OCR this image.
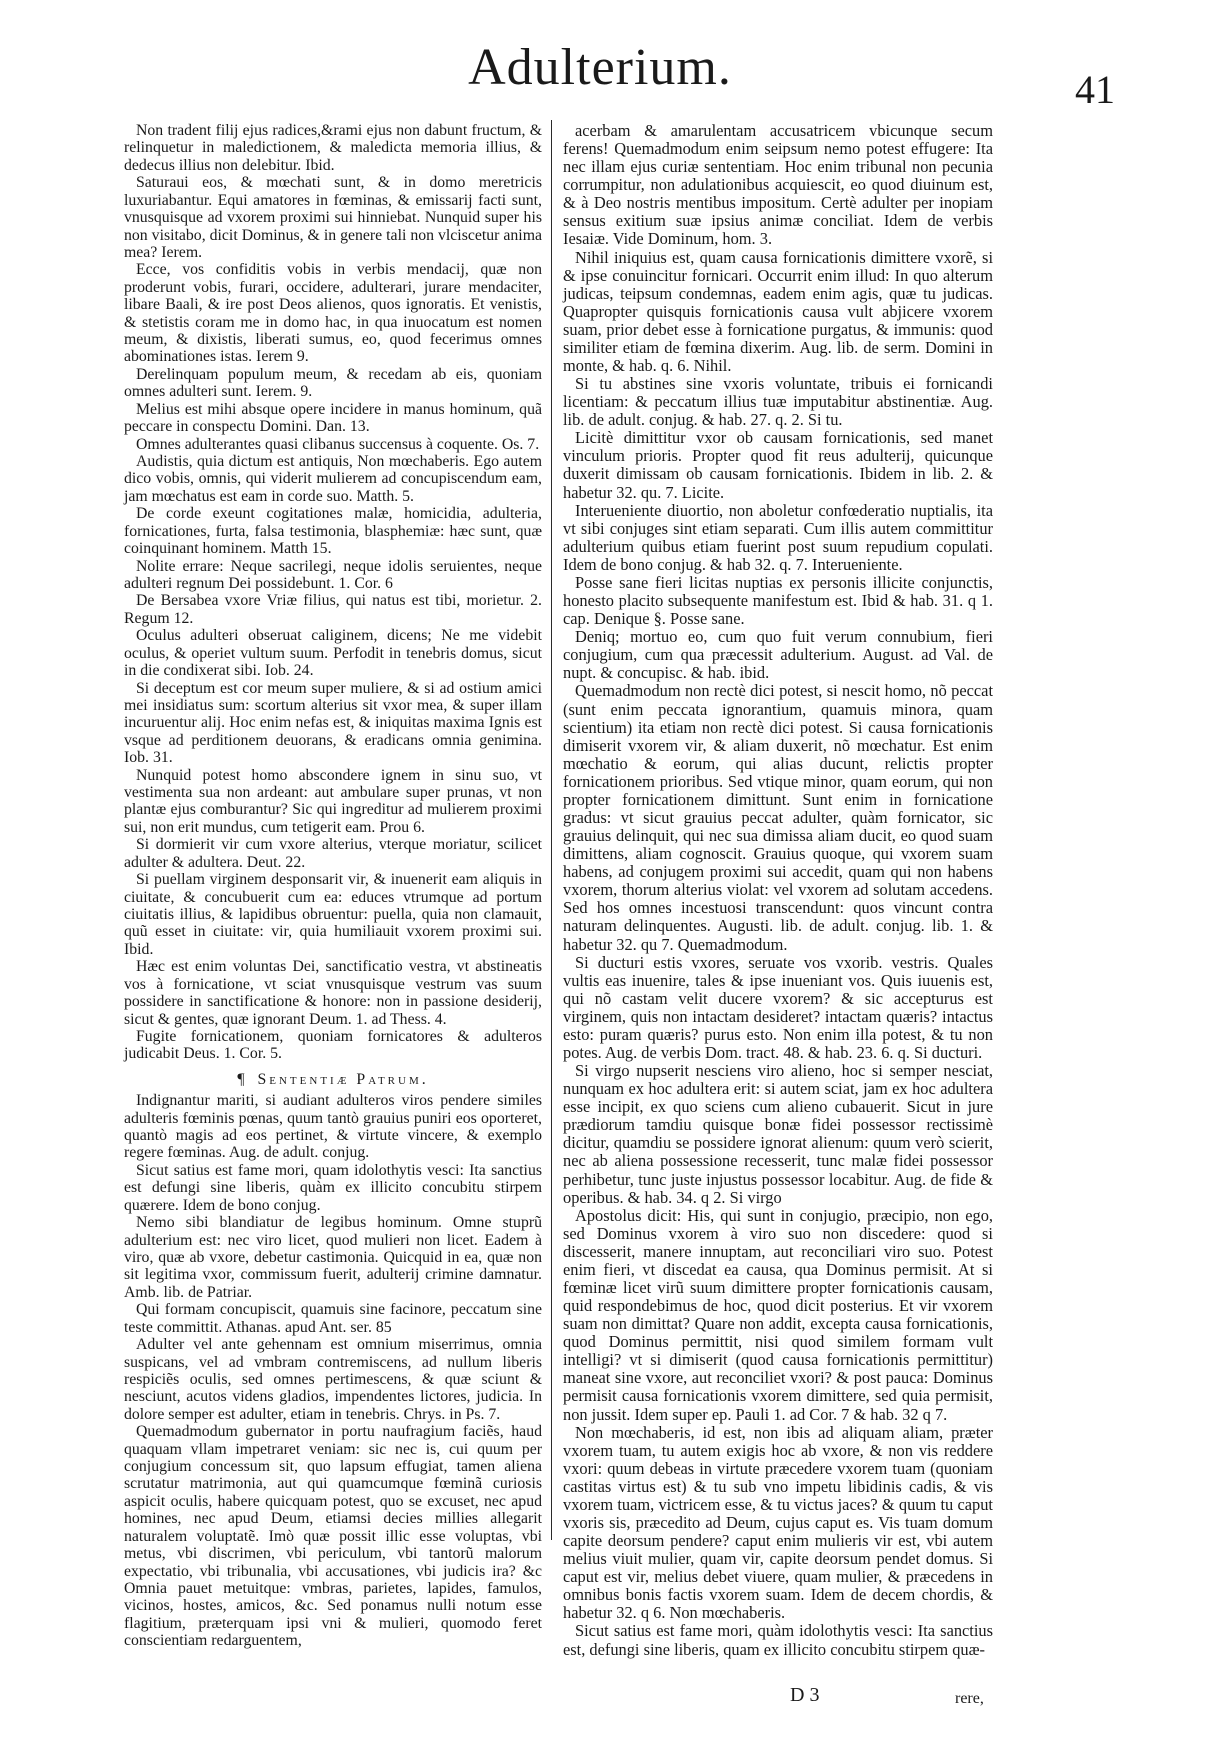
Adulterium.	41

Non tradent filij ejus radices,&rami ejus non dabunt fructum, & relinquetur in maledictionem, & maledicta memoria illius, & dedecus illius non delebitur. Ibid.

Saturaui eos, & mœchati sunt, & in domo meretricis luxuriabantur. Equi amatores in fœminas, & emissarij facti sunt, vnusquisque ad vxorem proximi sui hinniebat. Nunquid super his non visitabo, dicit Dominus, & in genere tali non vlciscetur anima mea? Ierem.

Ecce, vos confiditis vobis in verbis mendacij, quæ non proderunt vobis, furari, occidere, adulterari, jurare mendaciter, libare Baali, & ire post Deos alienos, quos ignoratis. Et venistis, & stetistis coram me in domo hac, in qua inuocatum est nomen meum, & dixistis, liberati sumus, eo, quod fecerimus omnes abominationes istas. Ierem 9.

Derelinquam populum meum, & recedam ab eis, quoniam omnes adulteri sunt. Ierem. 9.

Melius est mihi absque opere incidere in manus hominum, quã peccare in conspectu Domini. Dan. 13.

Omnes adulterantes quasi clibanus succensus à coquente. Os. 7.

Audistis, quia dictum est antiquis, Non mœchaberis. Ego autem dico vobis, omnis, qui viderit mulierem ad concupiscendum eam, jam mœchatus est eam in corde suo. Matth. 5.

De corde exeunt cogitationes malæ, homicidia, adulteria, fornicationes, furta, falsa testimonia, blasphemiæ: hæc sunt, quæ coinquinant hominem. Matth 15.

Nolite errare: Neque sacrilegi, neque idolis seruientes, neque adulteri regnum Dei possidebunt. 1. Cor. 6

De Bersabea vxore Vriæ filius, qui natus est tibi, morietur. 2. Regum 12.

Oculus adulteri obseruat caliginem, dicens; Ne me videbit oculus, & operiet vultum suum. Perfodit in tenebris domus, sicut in die condixerat sibi. Iob. 24.

Si deceptum est cor meum super muliere, & si ad ostium amici mei insidiatus sum: scortum alterius sit vxor mea, & super illam incuruentur alij. Hoc enim nefas est, & iniquitas maxima Ignis est vsque ad perditionem deuorans, & eradicans omnia genimina. Iob. 31.

Nunquid potest homo abscondere ignem in sinu suo, vt vestimenta sua non ardeant: aut ambulare super prunas, vt non plantæ ejus comburantur? Sic qui ingreditur ad mulierem proximi sui, non erit mundus, cum tetigerit eam. Prou 6.

Si dormierit vir cum vxore alterius, vterque moriatur, scilicet adulter & adultera. Deut. 22.

Si puellam virginem desponsarit vir, & inuenerit eam aliquis in ciuitate, & concubuerit cum ea: educes vtrumque ad portum ciuitatis illius, & lapidibus obruentur: puella, quia non clamauit, quũ esset in ciuitate: vir, quia humiliauit vxorem proximi sui. Ibid.

Hæc est enim voluntas Dei, sanctificatio vestra, vt abstineatis vos à fornicatione, vt sciat vnusquisque vestrum vas suum possidere in sanctificatione & honore: non in passione desiderij, sicut & gentes, quæ ignorant Deum. 1. ad Thess. 4.

Fugite fornicationem, quoniam fornicatores & adulteros judicabit Deus. 1. Cor. 5.

¶ Sententiæ Patrum.

Indignantur mariti, si audiant adulteros viros pendere similes adulteris fœminis pœnas, quum tantò grauius puniri eos oporteret, quantò magis ad eos pertinet, & virtute vincere, & exemplo regere fœminas. Aug. de adult. conjug.

Sicut satius est fame mori, quam idolothytis vesci: Ita sanctius est defungi sine liberis, quàm ex illicito concubitu stirpem quærere. Idem de bono conjug.

Nemo sibi blandiatur de legibus hominum. Omne stuprũ adulterium est: nec viro licet, quod mulieri non licet. Eadem à viro, quæ ab vxore, debetur castimonia. Quicquid in ea, quæ non sit legitima vxor, commissum fuerit, adulterij crimine damnatur. Amb. lib. de Patriar.

Qui formam concupiscit, quamuis sine facinore, peccatum sine teste committit. Athanas. apud Ant. ser. 85

Adulter vel ante gehennam est omnium miserrimus, omnia suspicans, vel ad vmbram contremiscens, ad nullum liberis respiciẽs oculis, sed omnes pertimescens, & quæ sciunt & nesciunt, acutos videns gladios, impendentes lictores, judicia. In dolore semper est adulter, etiam in tenebris. Chrys. in Ps. 7.

Quemadmodum gubernator in portu naufragium faciẽs, haud quaquam vllam impetraret veniam: sic nec is, cui quum per conjugium concessum sit, quo lapsum effugiat, tamen aliena scrutatur matrimonia, aut qui quamcumque fœminã curiosis aspicit oculis, habere quicquam potest, quo se excuset, nec apud homines, nec apud Deum, etiamsi decies millies allegarit naturalem voluptatẽ. Imò quæ possit illic esse voluptas, vbi metus, vbi discrimen, vbi periculum, vbi tantorũ malorum expectatio, vbi tribunalia, vbi accusationes, vbi judicis ira? &c Omnia pauet metuitque: vmbras, parietes, lapides, famulos, vicinos, hostes, amicos, &c. Sed ponamus nulli notum esse flagitium, præterquam ipsi vni & mulieri, quomodo feret conscientiam redarguentem,

acerbam & amarulentam accusatricem vbicunque secum ferens! Quemadmodum enim seipsum nemo potest effugere: Ita nec illam ejus curiæ sententiam. Hoc enim tribunal non pecunia corrumpitur, non adulationibus acquiescit, eo quod diuinum est, & à Deo nostris mentibus impositum. Certè adulter per inopiam sensus exitium suæ ipsius animæ conciliat. Idem de verbis Iesaiæ. Vide Dominum, hom. 3.

Nihil iniquius est, quam causa fornicationis dimittere vxorẽ, si & ipse conuincitur fornicari. Occurrit enim illud: In quo alterum judicas, teipsum condemnas, eadem enim agis, quæ tu judicas. Quapropter quisquis fornicationis causa vult abjicere vxorem suam, prior debet esse à fornicatione purgatus, & immunis: quod similiter etiam de fœmina dixerim. Aug. lib. de serm. Domini in monte, & hab. q. 6. Nihil.

Si tu abstines sine vxoris voluntate, tribuis ei fornicandi licentiam: & peccatum illius tuæ imputabitur abstinentiæ. Aug. lib. de adult. conjug. & hab. 27. q. 2. Si tu.

Licitè dimittitur vxor ob causam fornicationis, sed manet vinculum prioris. Propter quod fit reus adulterij, quicunque duxerit dimissam ob causam fornicationis. Ibidem in lib. 2. & habetur 32. qu. 7. Licite.

Interueniente diuortio, non aboletur confœderatio nuptialis, ita vt sibi conjuges sint etiam separati. Cum illis autem committitur adulterium quibus etiam fuerint post suum repudium copulati. Idem de bono conjug. & hab 32. q. 7. Interueniente.

Posse sane fieri licitas nuptias ex personis illicite conjunctis, honesto placito subsequente manifestum est. Ibid & hab. 31. q 1. cap. Denique §. Posse sane.

Deniq; mortuo eo, cum quo fuit verum connubium, fieri conjugium, cum qua præcessit adulterium. August. ad Val. de nupt. & concupisc. & hab. ibid.

Quemadmodum non rectè dici potest, si nescit homo, nõ peccat (sunt enim peccata ignorantium, quamuis minora, quam scientium) ita etiam non rectè dici potest. Si causa fornicationis dimiserit vxorem vir, & aliam duxerit, nõ mœchatur. Est enim mœchatio & eorum, qui alias ducunt, relictis propter fornicationem prioribus. Sed vtique minor, quam eorum, qui non propter fornicationem dimittunt. Sunt enim in fornicatione gradus: vt sicut grauius peccat adulter, quàm fornicator, sic grauius delinquit, qui nec sua dimissa aliam ducit, eo quod suam dimittens, aliam cognoscit. Grauius quoque, qui vxorem suam habens, ad conjugem proximi sui accedit, quam qui non habens vxorem, thorum alterius violat: vel vxorem ad solutam accedens. Sed hos omnes incestuosi transcendunt: quos vincunt contra naturam delinquentes. Augusti. lib. de adult. conjug. lib. 1. & habetur 32. qu 7. Quemadmodum.

Si ducturi estis vxores, seruate vos vxorib. vestris. Quales vultis eas inuenire, tales & ipse inueniant vos. Quis iuuenis est, qui nõ castam velit ducere vxorem? & sic accepturus est virginem, quis non intactam desideret? intactam quæris? intactus esto: puram quæris? purus esto. Non enim illa potest, & tu non potes. Aug. de verbis Dom. tract. 48. & hab. 23. 6. q. Si ducturi.

Si virgo nupserit nesciens viro alieno, hoc si semper nesciat, nunquam ex hoc adultera erit: si autem sciat, jam ex hoc adultera esse incipit, ex quo sciens cum alieno cubauerit. Sicut in jure prædiorum tamdiu quisque bonæ fidei possessor rectissimè dicitur, quamdiu se possidere ignorat alienum: quum verò scierit, nec ab aliena possessione recesserit, tunc malæ fidei possessor perhibetur, tunc juste injustus possessor locabitur. Aug. de fide & operibus. & hab. 34. q 2. Si virgo

Apostolus dicit: His, qui sunt in conjugio, præcipio, non ego, sed Dominus vxorem à viro suo non discedere: quod si discesserit, manere innuptam, aut reconciliari viro suo. Potest enim fieri, vt discedat ea causa, qua Dominus permisit. At si fœminæ licet virũ suum dimittere propter fornicationis causam, quid respondebimus de hoc, quod dicit posterius. Et vir vxorem suam non dimittat? Quare non addit, excepta causa fornicationis, quod Dominus permittit, nisi quod similem formam vult intelligi? vt si dimiserit (quod causa fornicationis permittitur) maneat sine vxore, aut reconciliet vxori? & post pauca: Dominus permisit causa fornicationis vxorem dimittere, sed quia permisit, non jussit. Idem super ep. Pauli 1. ad Cor. 7 & hab. 32 q 7.

Non mœchaberis, id est, non ibis ad aliquam aliam, præter vxorem tuam, tu autem exigis hoc ab vxore, & non vis reddere vxori: quum debeas in virtute præcedere vxorem tuam (quoniam castitas virtus est) & tu sub vno impetu libidinis cadis, & vis vxorem tuam, victricem esse, & tu victus jaces? & quum tu caput vxoris sis, præcedito ad Deum, cujus caput es. Vis tuam domum capite deorsum pendere? caput enim mulieris vir est, vbi autem melius viuit mulier, quam vir, capite deorsum pendet domus. Si caput est vir, melius debet viuere, quam mulier, & præcedens in omnibus bonis factis vxorem suam. Idem de decem chordis, & habetur 32. q 6. Non mœchaberis.

Sicut satius est fame mori, quàm idolothytis vesci: Ita sanctius est, defungi sine liberis, quam ex illicito concubitu stirpem quæ-

D 3	rere,
